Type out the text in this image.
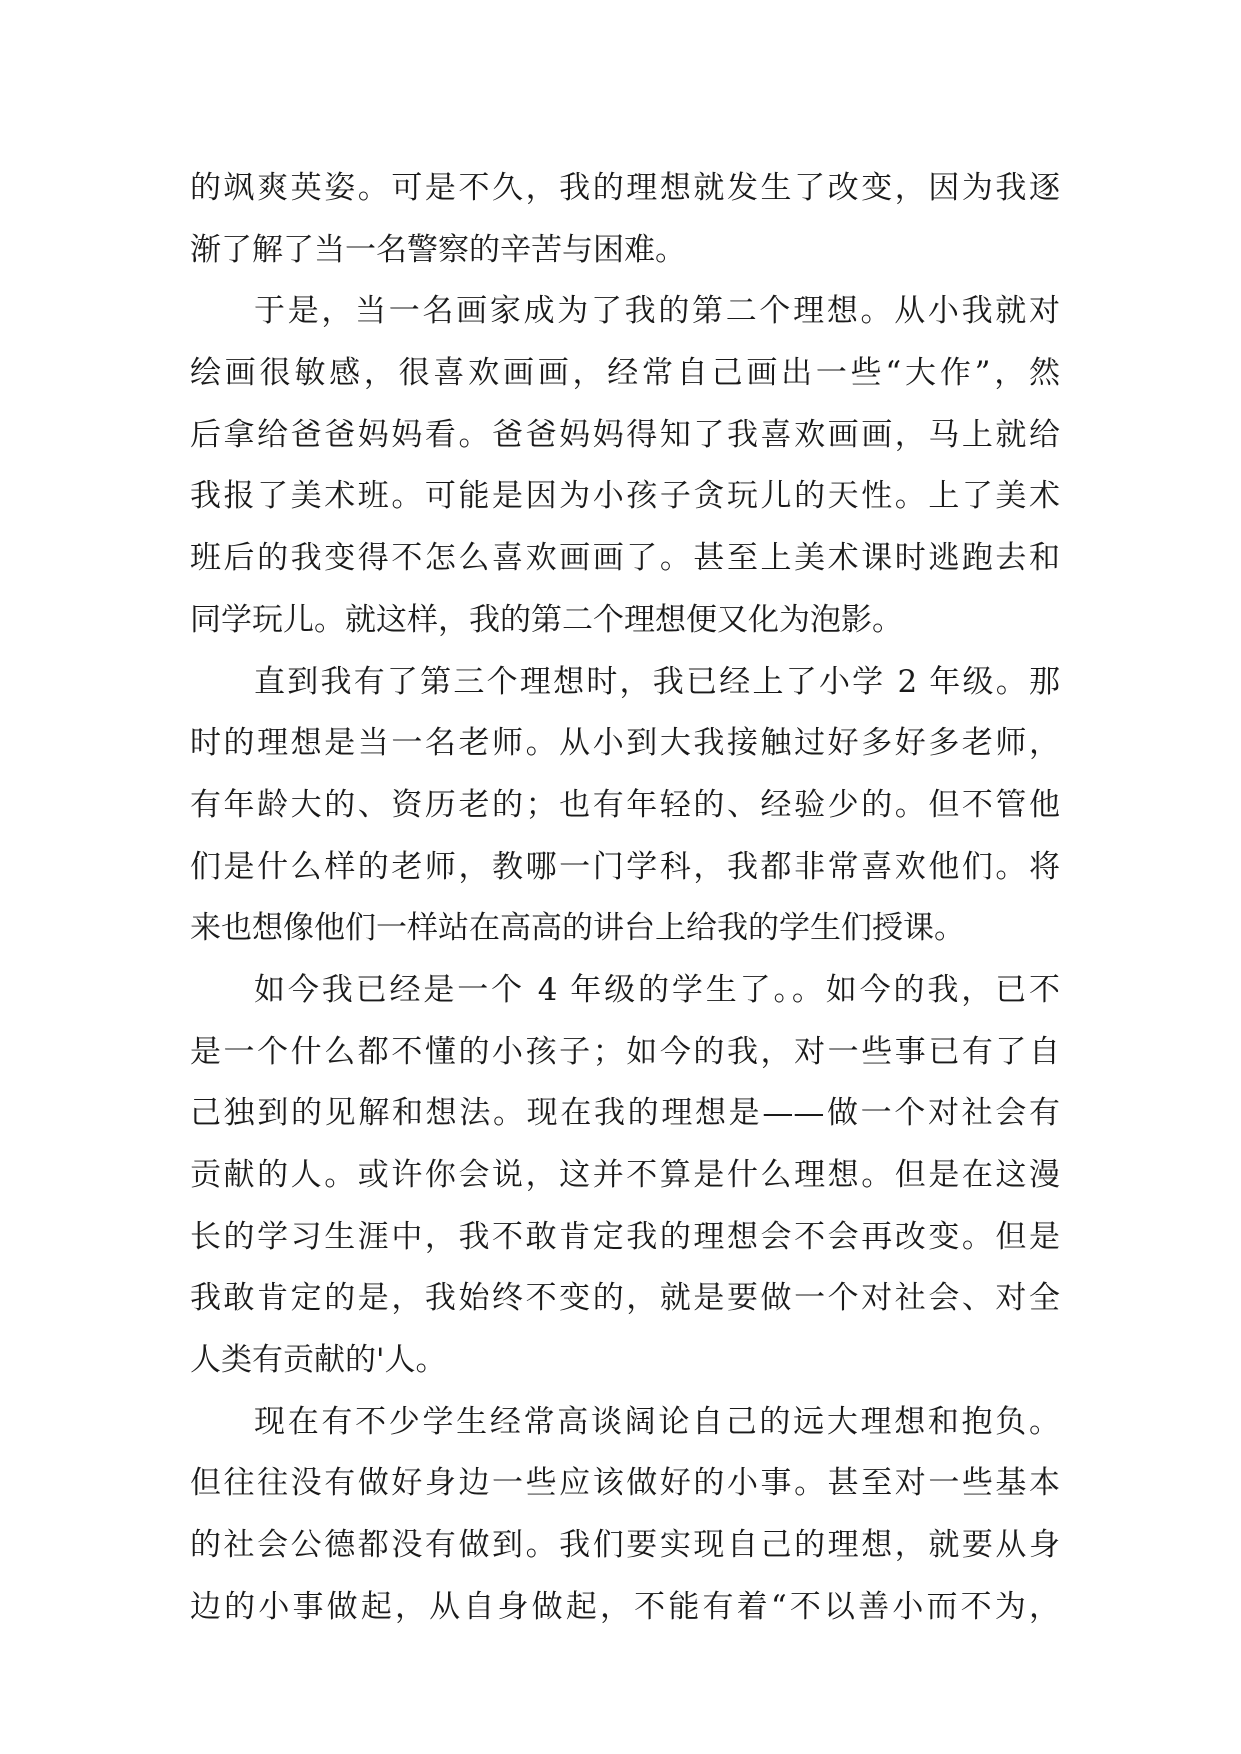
的飒爽英姿。可是不久，我的理想就发生了改变，因为我逐
渐了解了当一名警察的辛苦与困难。
于是，当一名画家成为了我的第二个理想。从小我就对
绘画很敏感，很喜欢画画，经常自己画出一些“大作”，然
后拿给爸爸妈妈看。爸爸妈妈得知了我喜欢画画，马上就给
我报了美术班。可能是因为小孩子贪玩儿的天性。上了美术
班后的我变得不怎么喜欢画画了。甚至上美术课时逃跑去和
同学玩儿。就这样，我的第二个理想便又化为泡影。
直到我有了第三个理想时，我已经上了小学 2 年级。那
时的理想是当一名老师。从小到大我接触过好多好多老师，
有年龄大的、资历老的；也有年轻的、经验少的。但不管他
们是什么样的老师，教哪一门学科，我都非常喜欢他们。将
来也想像他们一样站在高高的讲台上给我的学生们授课。
如今我已经是一个 4 年级的学生了。。如今的我，已不
是一个什么都不懂的小孩子；如今的我，对一些事已有了自
己独到的见解和想法。现在我的理想是——做一个对社会有
贡献的人。或许你会说，这并不算是什么理想。但是在这漫
长的学习生涯中，我不敢肯定我的理想会不会再改变。但是
我敢肯定的是，我始终不变的，就是要做一个对社会、对全
人类有贡献的'人。
现在有不少学生经常高谈阔论自己的远大理想和抱负。
但往往没有做好身边一些应该做好的小事。甚至对一些基本
的社会公德都没有做到。我们要实现自己的理想，就要从身
边的小事做起，从自身做起，不能有着“不以善小而不为，
